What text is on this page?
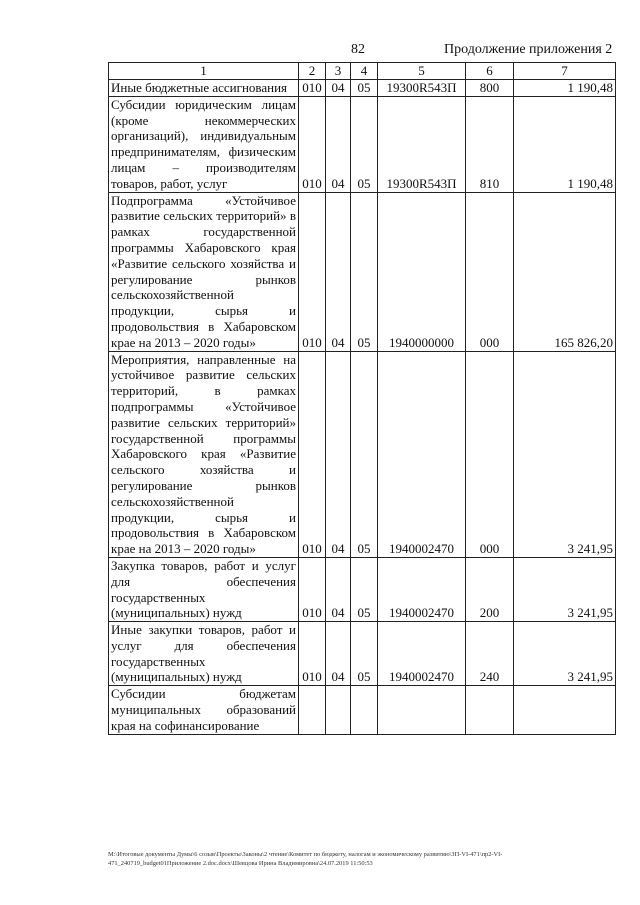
82	Продолжение приложения 2
1	2	3	4	5	6	7
Иные бюджетные ассигнования	010	04	05	19300R543П	800	1 190,48
Субсидии юридическим лицам (кроме некоммерческих организаций), индивидуальным предпринимателям, физическим лицам – производителям товаров, работ, услуг	010	04	05	19300R543П	810	1 190,48
Подпрограмма «Устойчивое развитие сельских территорий» в рамках государственной программы Хабаровского края «Развитие сельского хозяйства и регулирование рынков сельскохозяйственной продукции, сырья и продовольствия в Хабаровском крае на 2013 – 2020 годы»	010	04	05	1940000000	000	165 826,20
Мероприятия, направленные на устойчивое развитие сельских территорий, в рамках подпрограммы «Устойчивое развитие сельских территорий» государственной программы Хабаровского края «Развитие сельского хозяйства и регулирование рынков сельскохозяйственной продукции, сырья и продовольствия в Хабаровском крае на 2013 – 2020 годы»	010	04	05	1940002470	000	3 241,95
Закупка товаров, работ и услуг для обеспечения государственных (муниципальных) нужд	010	04	05	1940002470	200	3 241,95
Иные закупки товаров, работ и услуг для обеспечения государственных (муниципальных) нужд	010	04	05	1940002470	240	3 241,95
Субсидии бюджетам муниципальных образований края на софинансирование						
М:\Итоговые документы Думы\6 созыв\Проекты\Законы\2 чтение\Комитет по бюджету, налогам и экономическому развитию\ЗП-VI-471\пр2-VI-
471_240719_budget01Приложение 2.doc.docx\Шевцова Ирина Владимировна\24.07.2019 11:50:53
